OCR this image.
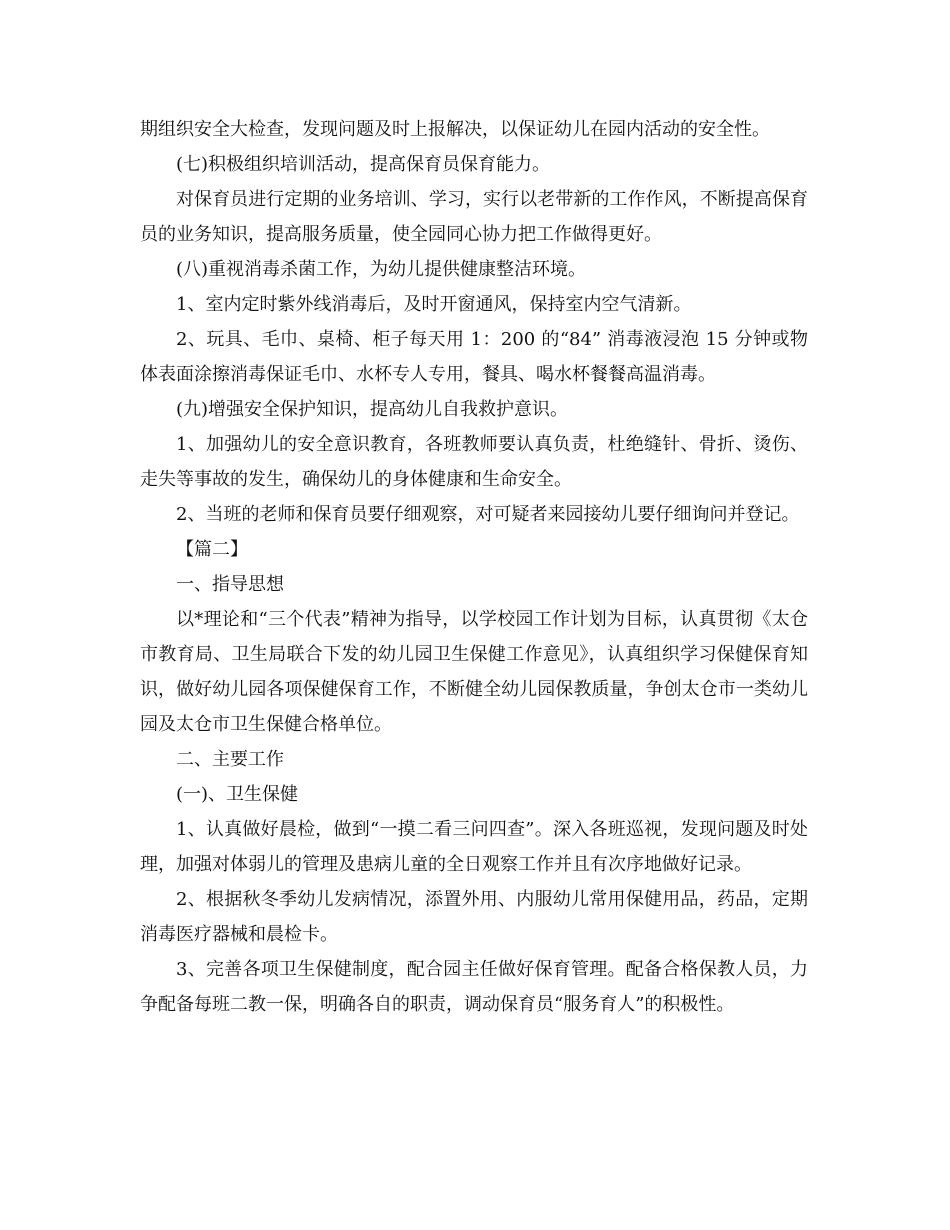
期组织安全大检查，发现问题及时上报解决，以保证幼儿在园内活动的安全性。

(七)积极组织培训活动，提高保育员保育能力。

对保育员进行定期的业务培训、学习，实行以老带新的工作作风，不断提高保育员的业务知识，提高服务质量，使全园同心协力把工作做得更好。

(八)重视消毒杀菌工作，为幼儿提供健康整洁环境。

1、室内定时紫外线消毒后，及时开窗通风，保持室内空气清新。

2、玩具、毛巾、桌椅、柜子每天用 1：200 的“84” 消毒液浸泡 15 分钟或物体表面涂擦消毒保证毛巾、水杯专人专用，餐具、喝水杯餐餐高温消毒。

(九)增强安全保护知识，提高幼儿自我救护意识。

1、加强幼儿的安全意识教育，各班教师要认真负责，杜绝缝针、骨折、烫伤、走失等事故的发生，确保幼儿的身体健康和生命安全。

2、当班的老师和保育员要仔细观察，对可疑者来园接幼儿要仔细询问并登记。

【篇二】

一、指导思想

以*理论和“三个代表”精神为指导，以学校园工作计划为目标，认真贯彻《太仓市教育局、卫生局联合下发的幼儿园卫生保健工作意见》，认真组织学习保健保育知识，做好幼儿园各项保健保育工作，不断健全幼儿园保教质量，争创太仓市一类幼儿园及太仓市卫生保健合格单位。

二、主要工作

(一)、卫生保健

1、认真做好晨检，做到“一摸二看三问四查”。深入各班巡视，发现问题及时处理，加强对体弱儿的管理及患病儿童的全日观察工作并且有次序地做好记录。

2、根据秋冬季幼儿发病情况，添置外用、内服幼儿常用保健用品，药品，定期消毒医疗器械和晨检卡。

3、完善各项卫生保健制度，配合园主任做好保育管理。配备合格保教人员，力争配备每班二教一保，明确各自的职责，调动保育员“服务育人”的积极性。
